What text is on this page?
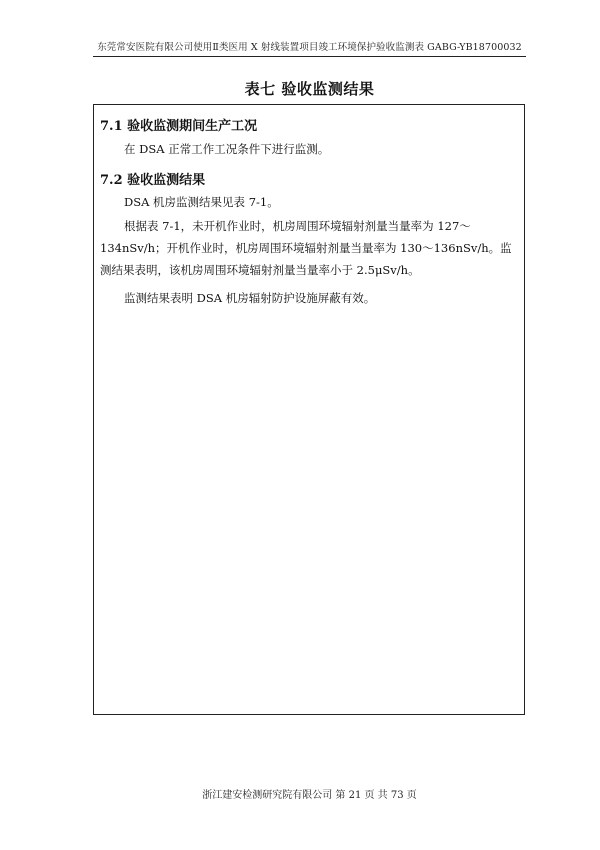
东莞常安医院有限公司使用Ⅱ类医用 X 射线装置项目竣工环境保护验收监测表 GABG-YB18700032
表七 验收监测结果
7.1 验收监测期间生产工况
在 DSA 正常工作工况条件下进行监测。
7.2 验收监测结果
DSA 机房监测结果见表 7-1。
根据表 7-1，未开机作业时，机房周围环境辐射剂量当量率为 127～134nSv/h；开机作业时，机房周围环境辐射剂量当量率为 130～136nSv/h。监测结果表明，该机房周围环境辐射剂量当量率小于 2.5μSv/h。
监测结果表明 DSA 机房辐射防护设施屏蔽有效。
浙江建安检测研究院有限公司 第 21 页 共 73 页
